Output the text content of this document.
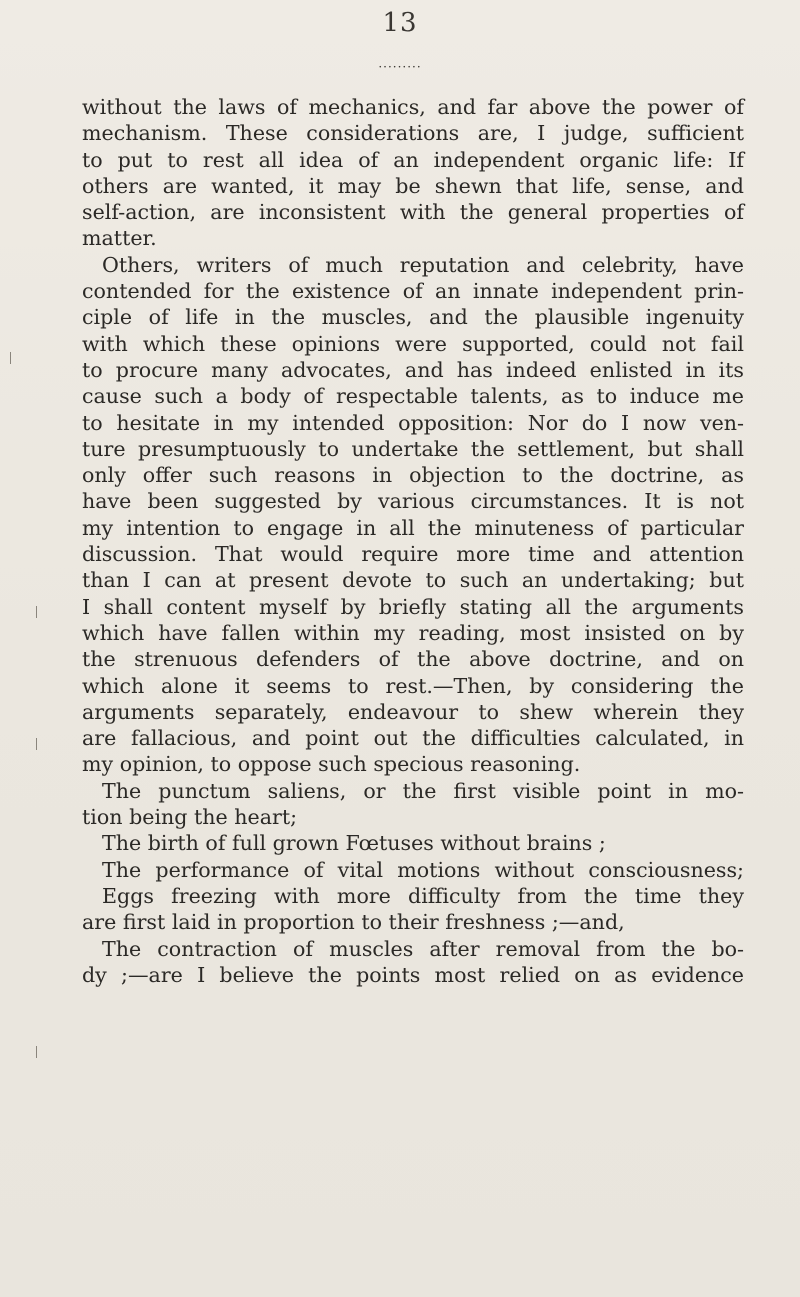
13
·········
without the laws of mechanics, and far above the power of
mechanism. These considerations are, I judge, sufficient
to put to rest all idea of an independent organic life: If
others are wanted, it may be shewn that life, sense, and
self-action, are inconsistent with the general properties of
matter.
Others, writers of much reputation and celebrity, have
contended for the existence of an innate independent prin-
ciple of life in the muscles, and the plausible ingenuity
with which these opinions were supported, could not fail
to procure many advocates, and has indeed enlisted in its
cause such a body of respectable talents, as to induce me
to hesitate in my intended opposition: Nor do I now ven-
ture presumptuously to undertake the settlement, but shall
only offer such reasons in objection to the doctrine, as
have been suggested by various circumstances. It is not
my intention to engage in all the minuteness of particular
discussion. That would require more time and attention
than I can at present devote to such an undertaking; but
I shall content myself by briefly stating all the arguments
which have fallen within my reading, most insisted on by
the strenuous defenders of the above doctrine, and on
which alone it seems to rest.—Then, by considering the
arguments separately, endeavour to shew wherein they
are fallacious, and point out the difficulties calculated, in
my opinion, to oppose such specious reasoning.
The punctum saliens, or the first visible point in mo-
tion being the heart;
The birth of full grown Fœtuses without brains ;
The performance of vital motions without consciousness;
Eggs freezing with more difficulty from the time they
are first laid in proportion to their freshness ;—and,
The contraction of muscles after removal from the bo-
dy ;—are I believe the points most relied on as evidence
